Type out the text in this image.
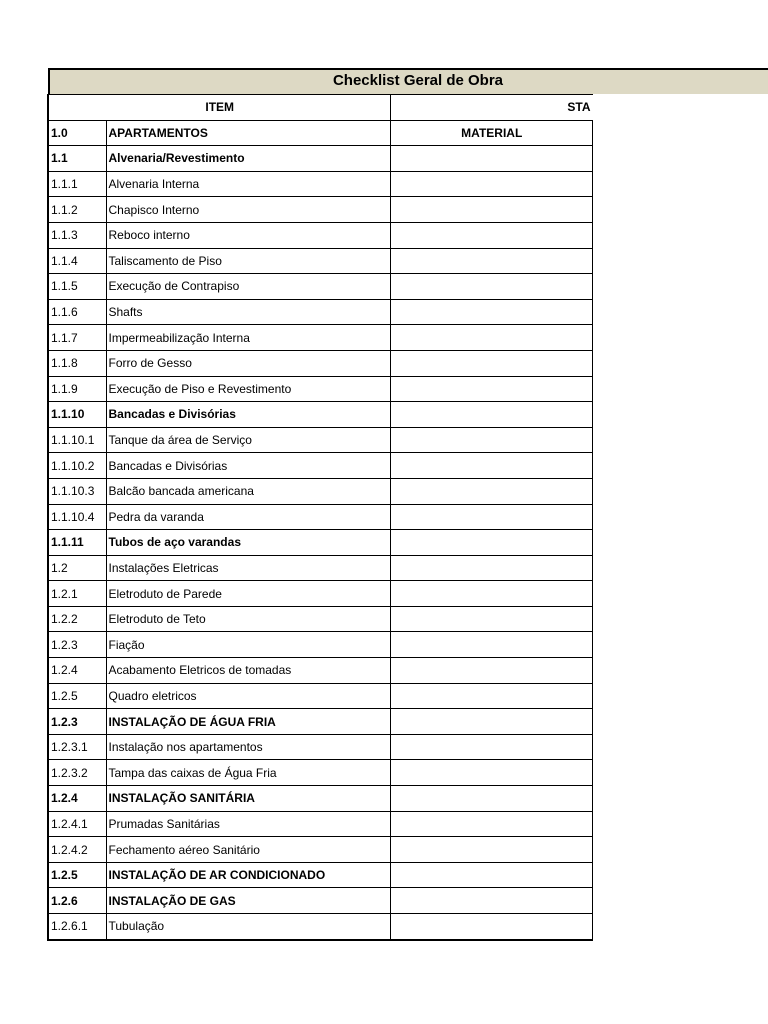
Checklist Geral de Obra
ITEM		STA

1.0	APARTAMENTOS	MATERIAL
1.1	Alvenaria/Revestimento	
1.1.1	Alvenaria Interna	
1.1.2	Chapisco Interno	
1.1.3	Reboco interno	
1.1.4	Taliscamento de Piso	
1.1.5	Execução de Contrapiso	
1.1.6	Shafts	
1.1.7	Impermeabilização Interna	
1.1.8	Forro de Gesso	
1.1.9	Execução de Piso e Revestimento	
1.1.10	Bancadas e Divisórias	
1.1.10.1	Tanque da área de Serviço	
1.1.10.2	Bancadas e Divisórias	
1.1.10.3	Balcão bancada americana	
1.1.10.4	Pedra da varanda	
1.1.11	Tubos de aço varandas	
1.2	Instalações Eletricas	
1.2.1	Eletroduto de Parede	
1.2.2	Eletroduto de Teto	
1.2.3	Fiação	
1.2.4	Acabamento Eletricos de tomadas	
1.2.5	Quadro eletricos	
1.2.3	INSTALAÇÃO DE ÁGUA FRIA	
1.2.3.1	Instalação nos apartamentos	
1.2.3.2	Tampa das caixas de Água Fria	
1.2.4	INSTALAÇÃO SANITÁRIA	
1.2.4.1	Prumadas Sanitárias	
1.2.4.2	Fechamento aéreo Sanitário	
1.2.5	INSTALAÇÃO DE AR CONDICIONADO	
1.2.6	INSTALAÇÃO DE GAS	
1.2.6.1	Tubulação	
